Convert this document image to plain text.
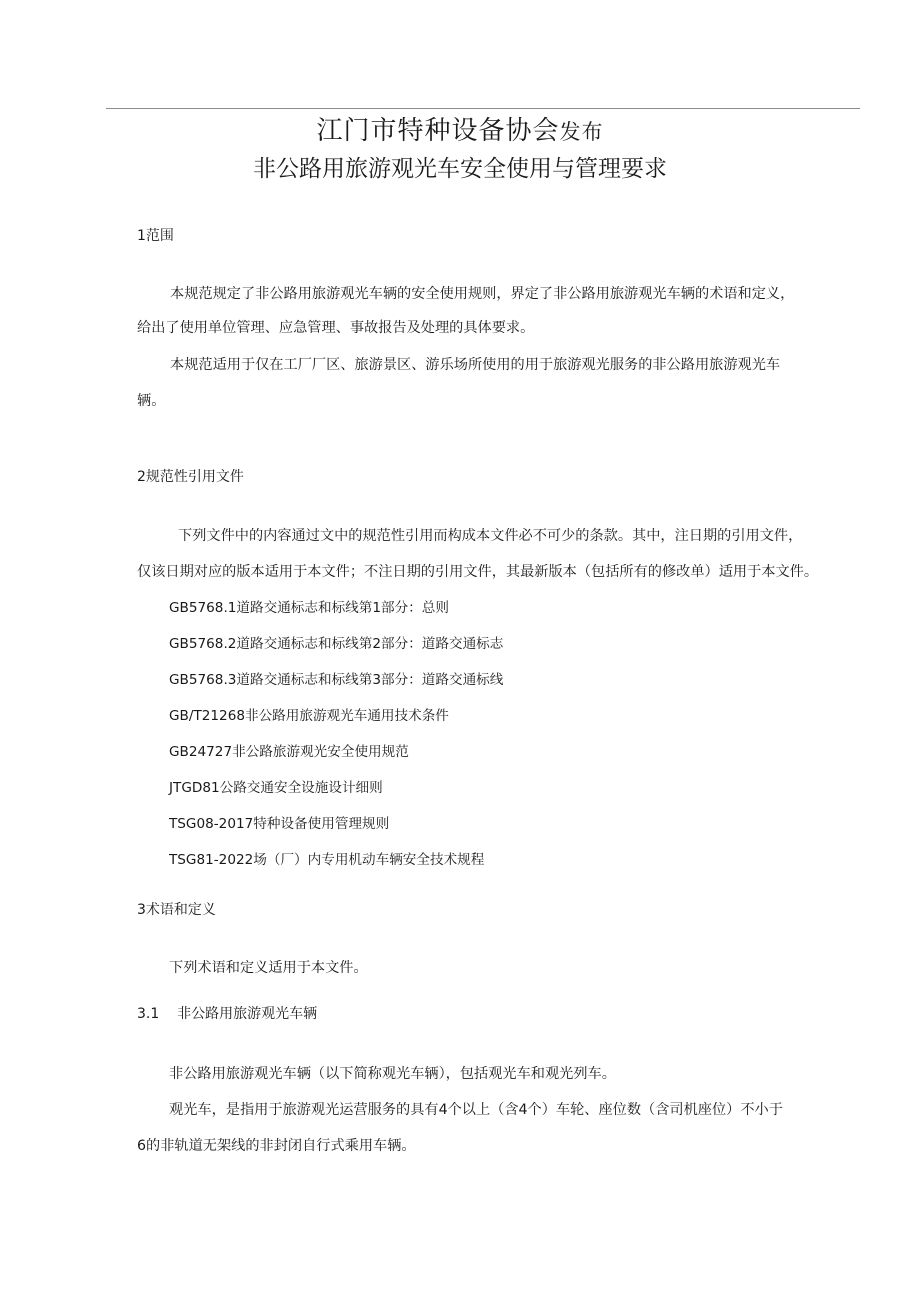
江门市特种设备协会发布
非公路用旅游观光车安全使用与管理要求
1范围
本规范规定了非公路用旅游观光车辆的安全使用规则，界定了非公路用旅游观光车辆的术语和定义，
给出了使用单位管理、应急管理、事故报告及处理的具体要求。
本规范适用于仅在工厂厂区、旅游景区、游乐场所使用的用于旅游观光服务的非公路用旅游观光车
辆。
2规范性引用文件
下列文件中的内容通过文中的规范性引用而构成本文件必不可少的条款。其中，注日期的引用文件，
仅该日期对应的版本适用于本文件；不注日期的引用文件，其最新版本（包括所有的修改单）适用于本文件。
GB5768.1道路交通标志和标线第1部分：总则
GB5768.2道路交通标志和标线第2部分：道路交通标志
GB5768.3道路交通标志和标线第3部分：道路交通标线
GB/T21268非公路用旅游观光车通用技术条件
GB24727非公路旅游观光安全使用规范
JTGD81公路交通安全设施设计细则
TSG08-2017特种设备使用管理规则
TSG81-2022场（厂）内专用机动车辆安全技术规程
3术语和定义
下列术语和定义适用于本文件。
3.1    非公路用旅游观光车辆
非公路用旅游观光车辆（以下简称观光车辆），包括观光车和观光列车。
观光车，是指用于旅游观光运营服务的具有4个以上（含4个）车轮、座位数（含司机座位）不小于
6的非轨道无架线的非封闭自行式乘用车辆。
